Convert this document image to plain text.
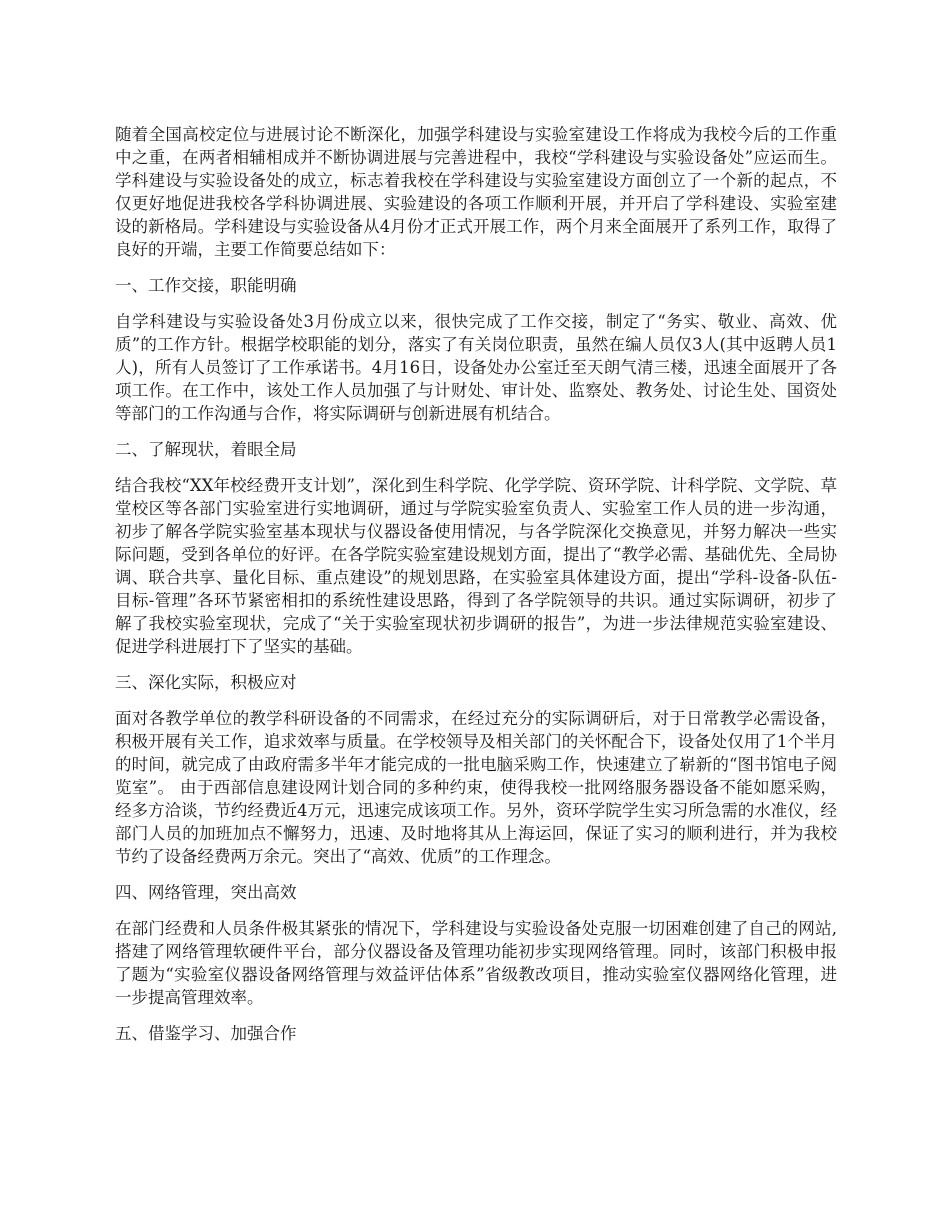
随着全国高校定位与进展讨论不断深化，加强学科建设与实验室建设工作将成为我校今后的工作重中之重，在两者相辅相成并不断协调进展与完善进程中，我校“学科建设与实验设备处”应运而生。学科建设与实验设备处的成立，标志着我校在学科建设与实验室建设方面创立了一个新的起点，不仅更好地促进我校各学科协调进展、实验建设的各项工作顺利开展，并开启了学科建设、实验室建设的新格局。学科建设与实验设备从4月份才正式开展工作，两个月来全面展开了系列工作，取得了良好的开端，主要工作简要总结如下：

一、工作交接，职能明确

自学科建设与实验设备处3月份成立以来，很快完成了工作交接，制定了“务实、敬业、高效、优质”的工作方针。根据学校职能的划分，落实了有关岗位职责，虽然在编人员仅3人(其中返聘人员1人)，所有人员签订了工作承诺书。4月16日，设备处办公室迁至天朗气清三楼，迅速全面展开了各项工作。在工作中，该处工作人员加强了与计财处、审计处、监察处、教务处、讨论生处、国资处等部门的工作沟通与合作，将实际调研与创新进展有机结合。

二、了解现状，着眼全局

结合我校“XX年校经费开支计划”，深化到生科学院、化学学院、资环学院、计科学院、文学院、草堂校区等各部门实验室进行实地调研，通过与学院实验室负责人、实验室工作人员的进一步沟通，初步了解各学院实验室基本现状与仪器设备使用情况，与各学院深化交换意见，并努力解决一些实际问题，受到各单位的好评。在各学院实验室建设规划方面，提出了“教学必需、基础优先、全局协调、联合共享、量化目标、重点建设”的规划思路，在实验室具体建设方面，提出“学科-设备-队伍-目标-管理”各环节紧密相扣的系统性建设思路，得到了各学院领导的共识。通过实际调研，初步了解了我校实验室现状，完成了“关于实验室现状初步调研的报告”，为进一步法律规范实验室建设、促进学科进展打下了坚实的基础。

三、深化实际，积极应对

面对各教学单位的教学科研设备的不同需求，在经过充分的实际调研后，对于日常教学必需设备，积极开展有关工作，追求效率与质量。在学校领导及相关部门的关怀配合下，设备处仅用了1个半月的时间，就完成了由政府需多半年才能完成的一批电脑采购工作，快速建立了崭新的“图书馆电子阅览室”。 由于西部信息建设网计划合同的多种约束，使得我校一批网络服务器设备不能如愿采购，经多方洽谈，节约经费近4万元，迅速完成该项工作。另外，资环学院学生实习所急需的水准仪，经部门人员的加班加点不懈努力，迅速、及时地将其从上海运回，保证了实习的顺利进行，并为我校节约了设备经费两万余元。突出了“高效、优质”的工作理念。

四、网络管理，突出高效

在部门经费和人员条件极其紧张的情况下，学科建设与实验设备处克服一切困难创建了自己的网站,搭建了网络管理软硬件平台，部分仪器设备及管理功能初步实现网络管理。同时，该部门积极申报了题为“实验室仪器设备网络管理与效益评估体系”省级教改项目，推动实验室仪器网络化管理，进一步提高管理效率。

五、借鉴学习、加强合作
